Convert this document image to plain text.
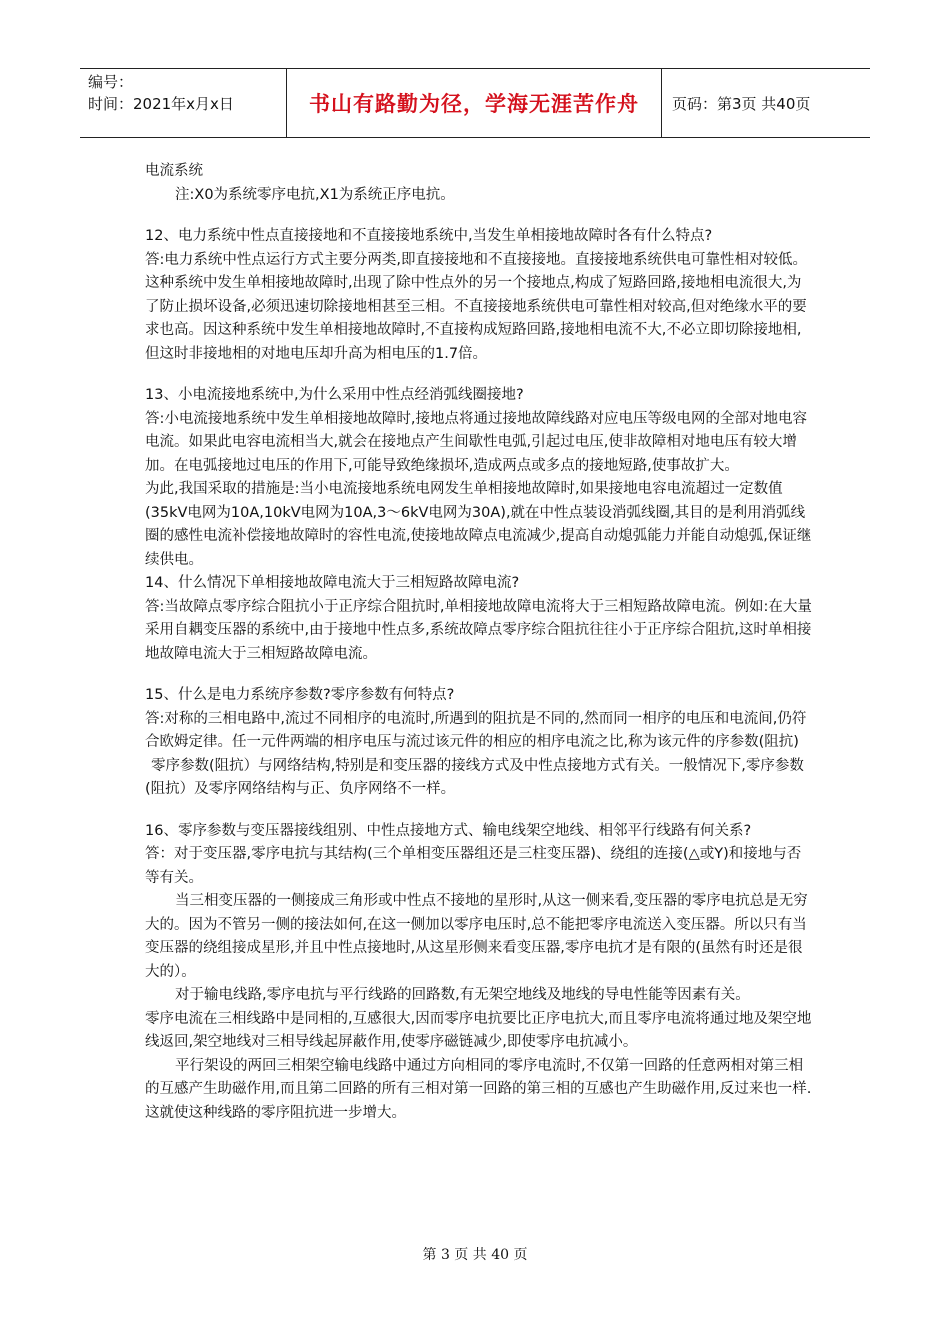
编号：
时间：2021年x月x日	书山有路勤为径，学海无涯苦作舟 页码：第3页 共40页

电流系统

注:X0为系统零序电抗,X1为系统正序电抗。

12、电力系统中性点直接接地和不直接接地系统中,当发生单相接地故障时各有什么特点?

答:电力系统中性点运行方式主要分两类,即直接接地和不直接接地。直接接地系统供电可靠性相对较低。这种系统中发生单相接地故障时,出现了除中性点外的另一个接地点,构成了短路回路,接地相电流很大,为了防止损坏设备,必须迅速切除接地相甚至三相。不直接接地系统供电可靠性相对较高,但对绝缘水平的要求也高。因这种系统中发生单相接地故障时,不直接构成短路回路,接地相电流不大,不必立即切除接地相,但这时非接地相的对地电压却升高为相电压的1.7倍。

13、小电流接地系统中,为什么采用中性点经消弧线圈接地?

答:小电流接地系统中发生单相接地故障时,接地点将通过接地故障线路对应电压等级电网的全部对地电容电流。如果此电容电流相当大,就会在接地点产生间歇性电弧,引起过电压,使非故障相对地电压有较大增加。在电弧接地过电压的作用下,可能导致绝缘损坏,造成两点或多点的接地短路,使事故扩大。

为此,我国采取的措施是:当小电流接地系统电网发生单相接地故障时,如果接地电容电流超过一定数值(35kV电网为10A,10kV电网为10A,3～6kV电网为30A),就在中性点装设消弧线圈,其目的是利用消弧线圈的感性电流补偿接地故障时的容性电流,使接地故障点电流减少,提高自动熄弧能力并能自动熄弧,保证继续供电。

14、什么情况下单相接地故障电流大于三相短路故障电流?

答:当故障点零序综合阻抗小于正序综合阻抗时,单相接地故障电流将大于三相短路故障电流。例如:在大量采用自耦变压器的系统中,由于接地中性点多,系统故障点零序综合阻抗往往小于正序综合阻抗,这时单相接地故障电流大于三相短路故障电流。

15、什么是电力系统序参数?零序参数有何特点?

答:对称的三相电路中,流过不同相序的电流时,所遇到的阻抗是不同的,然而同一相序的电压和电流间,仍符合欧姆定律。任一元件两端的相序电压与流过该元件的相应的相序电流之比,称为该元件的序参数(阻抗)

零序参数(阻抗）与网络结构,特别是和变压器的接线方式及中性点接地方式有关。一般情况下,零序参数(阻抗）及零序网络结构与正、负序网络不一样。

16、零序参数与变压器接线组别、中性点接地方式、输电线架空地线、相邻平行线路有何关系?

答：对于变压器,零序电抗与其结构(三个单相变压器组还是三柱变压器)、绕组的连接(△或Y)和接地与否等有关。

当三相变压器的一侧接成三角形或中性点不接地的星形时,从这一侧来看,变压器的零序电抗总是无穷大的。因为不管另一侧的接法如何,在这一侧加以零序电压时,总不能把零序电流送入变压器。所以只有当变压器的绕组接成星形,并且中性点接地时,从这星形侧来看变压器,零序电抗才是有限的(虽然有时还是很大的）。

对于输电线路,零序电抗与平行线路的回路数,有无架空地线及地线的导电性能等因素有关。

零序电流在三相线路中是同相的,互感很大,因而零序电抗要比正序电抗大,而且零序电流将通过地及架空地线返回,架空地线对三相导线起屏蔽作用,使零序磁链减少,即使零序电抗减小。

平行架设的两回三相架空输电线路中通过方向相同的零序电流时,不仅第一回路的任意两相对第三相的互感产生助磁作用,而且第二回路的所有三相对第一回路的第三相的互感也产生助磁作用,反过来也一样.这就使这种线路的零序阻抗进一步增大。

第 3 页 共 40 页
